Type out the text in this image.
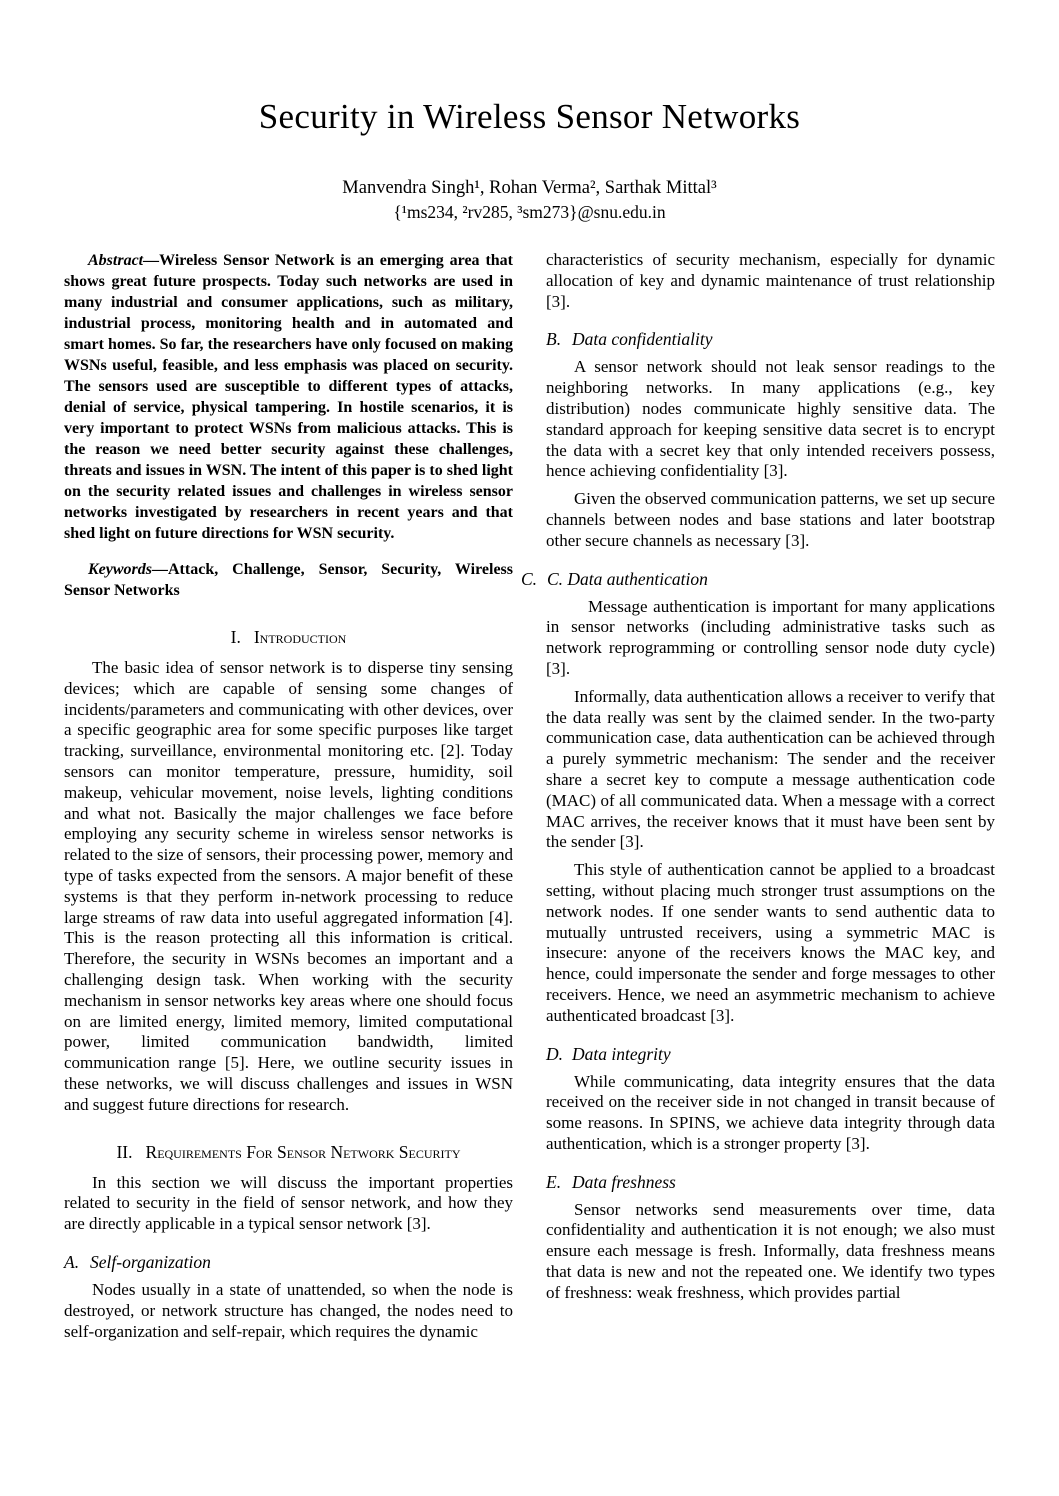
Security in Wireless Sensor Networks
Manvendra Singh¹, Rohan Verma², Sarthak Mittal³
{¹ms234, ²rv285, ³sm273}@snu.edu.in

Abstract—Wireless Sensor Network is an emerging area that shows great future prospects. Today such networks are used in many industrial and consumer applications, such as military, industrial process, monitoring health and in automated and smart homes. So far, the researchers have only focused on making WSNs useful, feasible, and less emphasis was placed on security. The sensors used are susceptible to different types of attacks, denial of service, physical tampering. In hostile scenarios, it is very important to protect WSNs from malicious attacks. This is the reason we need better security against these challenges, threats and issues in WSN. The intent of this paper is to shed light on the security related issues and challenges in wireless sensor networks investigated by researchers in recent years and that shed light on future directions for WSN security.

Keywords—Attack, Challenge, Sensor, Security, Wireless Sensor Networks

I. Introduction

The basic idea of sensor network is to disperse tiny sensing devices; which are capable of sensing some changes of incidents/parameters and communicating with other devices, over a specific geographic area for some specific purposes like target tracking, surveillance, environmental monitoring etc. [2]. Today sensors can monitor temperature, pressure, humidity, soil makeup, vehicular movement, noise levels, lighting conditions and what not. Basically the major challenges we face before employing any security scheme in wireless sensor networks is related to the size of sensors, their processing power, memory and type of tasks expected from the sensors. A major benefit of these systems is that they perform in-network processing to reduce large streams of raw data into useful aggregated information [4]. This is the reason protecting all this information is critical. Therefore, the security in WSNs becomes an important and a challenging design task. When working with the security mechanism in sensor networks key areas where one should focus on are limited energy, limited memory, limited computational power, limited communication bandwidth, limited communication range [5]. Here, we outline security issues in these networks, we will discuss challenges and issues in WSN and suggest future directions for research.

II. Requirements For Sensor Network Security

In this section we will discuss the important properties related to security in the field of sensor network, and how they are directly applicable in a typical sensor network [3].

A. Self-organization

Nodes usually in a state of unattended, so when the node is destroyed, or network structure has changed, the nodes need to self-organization and self-repair, which requires the dynamic

characteristics of security mechanism, especially for dynamic allocation of key and dynamic maintenance of trust relationship [3].

B. Data confidentiality

A sensor network should not leak sensor readings to the neighboring networks. In many applications (e.g., key distribution) nodes communicate highly sensitive data. The standard approach for keeping sensitive data secret is to encrypt the data with a secret key that only intended receivers possess, hence achieving confidentiality [3].

Given the observed communication patterns, we set up secure channels between nodes and base stations and later bootstrap other secure channels as necessary [3].

C. C. Data authentication

Message authentication is important for many applications in sensor networks (including administrative tasks such as network reprogramming or controlling sensor node duty cycle) [3].

Informally, data authentication allows a receiver to verify that the data really was sent by the claimed sender. In the two-party communication case, data authentication can be achieved through a purely symmetric mechanism: The sender and the receiver share a secret key to compute a message authentication code (MAC) of all communicated data. When a message with a correct MAC arrives, the receiver knows that it must have been sent by the sender [3].

This style of authentication cannot be applied to a broadcast setting, without placing much stronger trust assumptions on the network nodes. If one sender wants to send authentic data to mutually untrusted receivers, using a symmetric MAC is insecure: anyone of the receivers knows the MAC key, and hence, could impersonate the sender and forge messages to other receivers. Hence, we need an asymmetric mechanism to achieve authenticated broadcast [3].

D. Data integrity

While communicating, data integrity ensures that the data received on the receiver side in not changed in transit because of some reasons. In SPINS, we achieve data integrity through data authentication, which is a stronger property [3].

E. Data freshness

Sensor networks send measurements over time, data confidentiality and authentication it is not enough; we also must ensure each message is fresh. Informally, data freshness means that data is new and not the repeated one. We identify two types of freshness: weak freshness, which provides partial
